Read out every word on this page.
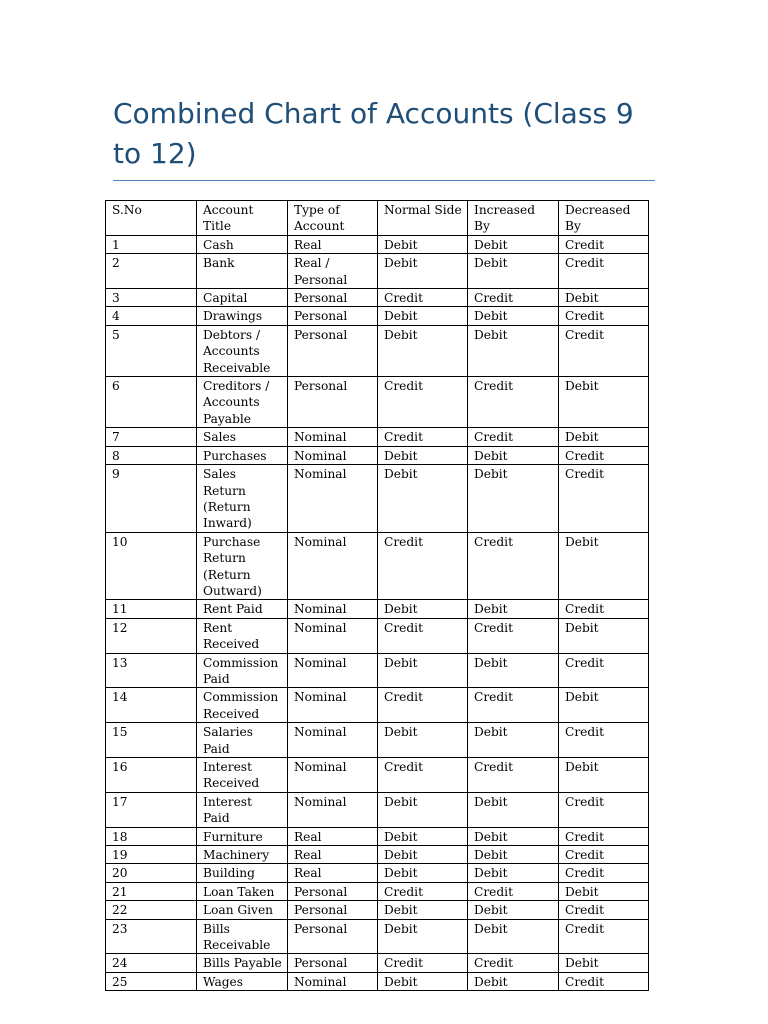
Combined Chart of Accounts (Class 9 to 12)
S.No	Account Title	Type of Account	Normal Side	Increased By	Decreased By
1	Cash	Real	Debit	Debit	Credit
2	Bank	Real / Personal	Debit	Debit	Credit
3	Capital	Personal	Credit	Credit	Debit
4	Drawings	Personal	Debit	Debit	Credit
5	Debtors / Accounts Receivable	Personal	Debit	Debit	Credit
6	Creditors / Accounts Payable	Personal	Credit	Credit	Debit
7	Sales	Nominal	Credit	Credit	Debit
8	Purchases	Nominal	Debit	Debit	Credit
9	Sales Return (Return Inward)	Nominal	Debit	Debit	Credit
10	Purchase Return (Return Outward)	Nominal	Credit	Credit	Debit
11	Rent Paid	Nominal	Debit	Debit	Credit
12	Rent Received	Nominal	Credit	Credit	Debit
13	Commission Paid	Nominal	Debit	Debit	Credit
14	Commission Received	Nominal	Credit	Credit	Debit
15	Salaries Paid	Nominal	Debit	Debit	Credit
16	Interest Received	Nominal	Credit	Credit	Debit
17	Interest Paid	Nominal	Debit	Debit	Credit
18	Furniture	Real	Debit	Debit	Credit
19	Machinery	Real	Debit	Debit	Credit
20	Building	Real	Debit	Debit	Credit
21	Loan Taken	Personal	Credit	Credit	Debit
22	Loan Given	Personal	Debit	Debit	Credit
23	Bills Receivable	Personal	Debit	Debit	Credit
24	Bills Payable	Personal	Credit	Credit	Debit
25	Wages	Nominal	Debit	Debit	Credit
